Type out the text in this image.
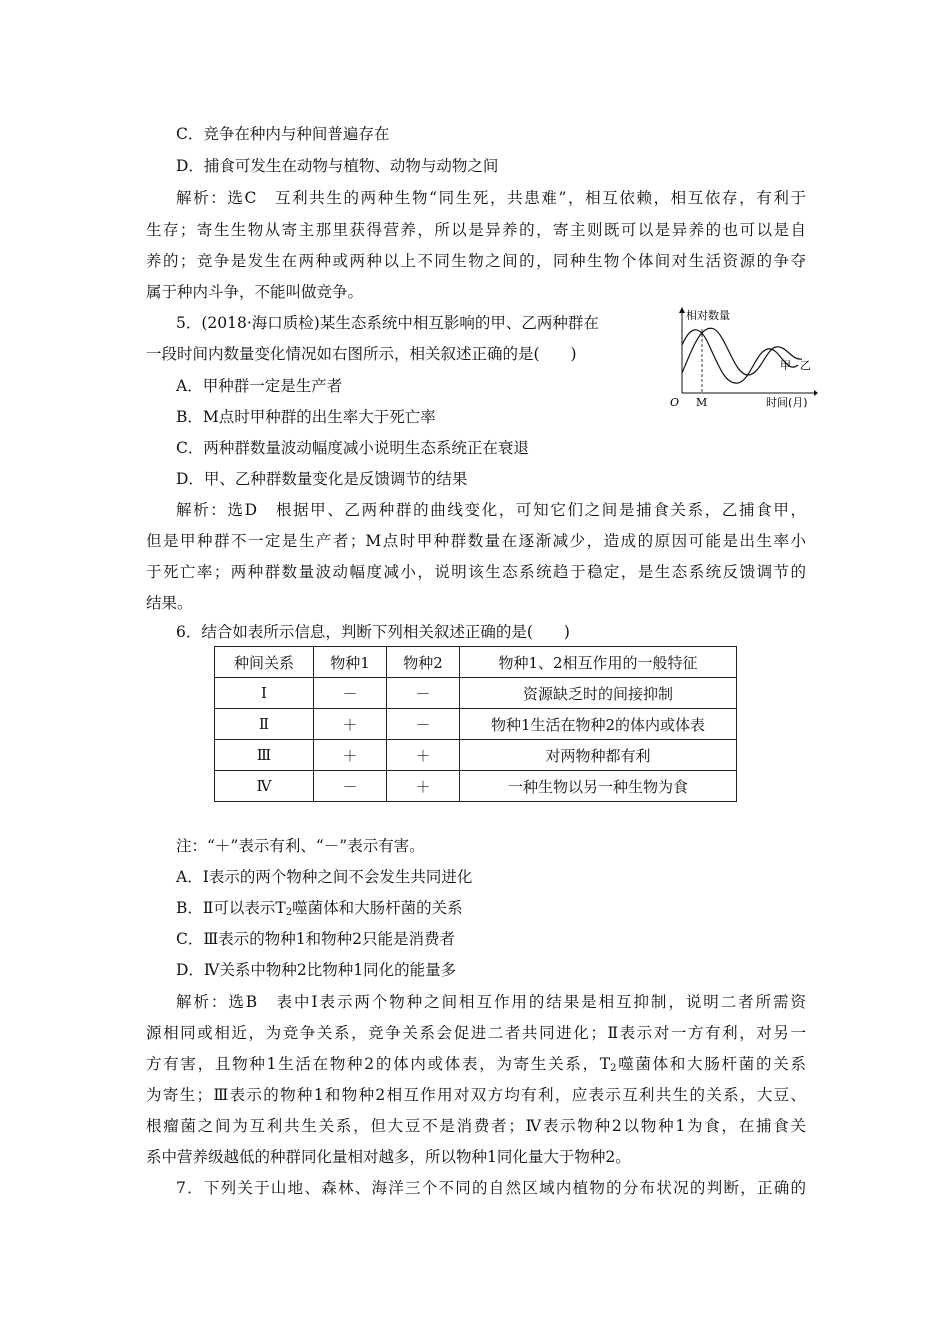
C．竞争在种内与种间普遍存在
D．捕食可发生在动物与植物、动物与动物之间
解析：选C　互利共生的两种生物“同生死，共患难”，相互依赖，相互依存，有利于
生存；寄生生物从寄主那里获得营养，所以是异养的，寄主则既可以是异养的也可以是自
养的；竞争是发生在两种或两种以上不同生物之间的，同种生物个体间对生活资源的争夺
属于种内斗争，不能叫做竞争。
5．(2018·海口质检)某生态系统中相互影响的甲、乙两种群在
一段时间内数量变化情况如右图所示，相关叙述正确的是(　　)
A．甲种群一定是生产者
B．M点时甲种群的出生率大于死亡率
C．两种群数量波动幅度减小说明生态系统正在衰退
D．甲、乙种群数量变化是反馈调节的结果
相对数量
时间(月)
O M
甲 乙
解析：选D　根据甲、乙两种群的曲线变化，可知它们之间是捕食关系，乙捕食甲，
但是甲种群不一定是生产者；M点时甲种群数量在逐渐减少，造成的原因可能是出生率小
于死亡率；两种群数量波动幅度减小，说明该生态系统趋于稳定，是生态系统反馈调节的
结果。
6．结合如表所示信息，判断下列相关叙述正确的是(　　)
种间关系	物种1	物种2	物种1、2相互作用的一般特征
Ⅰ	－	－	资源缺乏时的间接抑制
Ⅱ	＋	－	物种1生活在物种2的体内或体表
Ⅲ	＋	＋	对两物种都有利
Ⅳ	－	＋	一种生物以另一种生物为食
注：“＋”表示有利、“－”表示有害。
A．Ⅰ表示的两个物种之间不会发生共同进化
B．Ⅱ可以表示$T_2$噬菌体和大肠杆菌的关系
C．Ⅲ表示的物种1和物种2只能是消费者
D．Ⅳ关系中物种2比物种1同化的能量多
解析：选B　表中Ⅰ表示两个物种之间相互作用的结果是相互抑制，说明二者所需资
源相同或相近，为竞争关系，竞争关系会促进二者共同进化；Ⅱ表示对一方有利，对另一
方有害，且物种1生活在物种2的体内或体表，为寄生关系，$T_2$噬菌体和大肠杆菌的关系
为寄生；Ⅲ表示的物种1和物种2相互作用对双方均有利，应表示互利共生的关系，大豆、
根瘤菌之间为互利共生关系，但大豆不是消费者；Ⅳ表示物种2以物种1为食，在捕食关
系中营养级越低的种群同化量相对越多，所以物种1同化量大于物种2。
7．下列关于山地、森林、海洋三个不同的自然区域内植物的分布状况的判断，正确的
